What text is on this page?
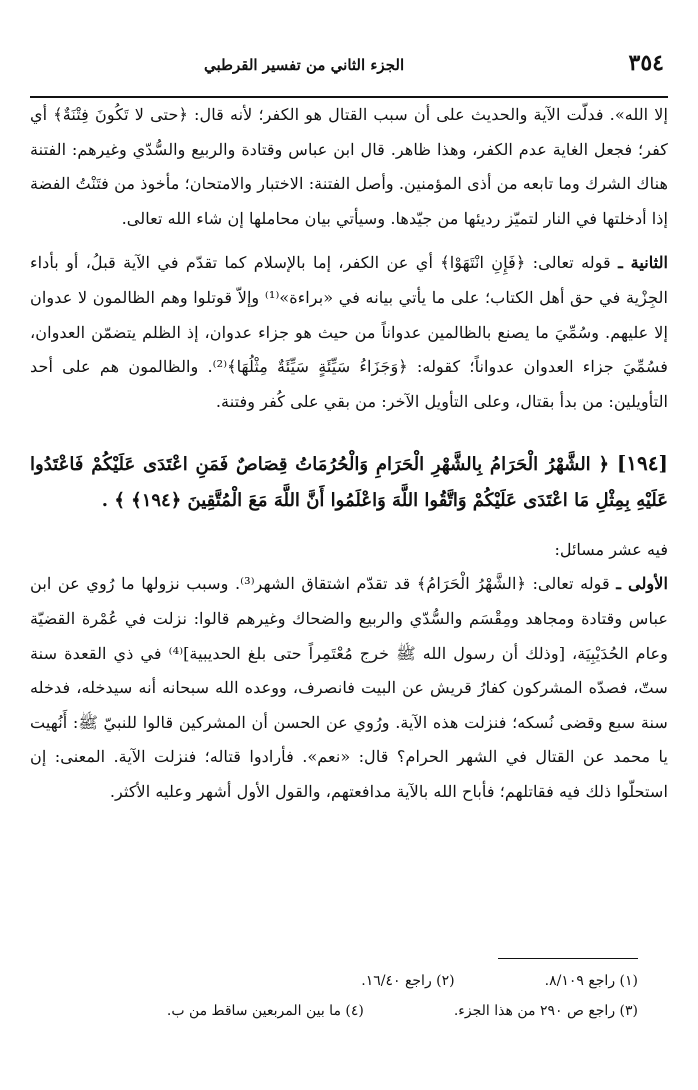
٣٥٤
الجزء الثاني من تفسير القرطبي

إلا الله». فدلّت الآية والحديث على أن سبب القتال هو الكفر؛ لأنه قال: ﴿حتى لا تَكُونَ فِتْنَةٌ﴾ أي كفر؛ فجعل الغاية عدم الكفر، وهذا ظاهر. قال ابن عباس وقتادة والربيع والسُّدّي وغيرهم: الفتنة هناك الشرك وما تابعه من أذى المؤمنين. وأصل الفتنة: الاختبار والامتحان؛ مأخوذ من فتَنْتُ الفضة إذا أدخلتها في النار لتميّز رديئها من جيّدها. وسيأتي بيان محاملها إن شاء الله تعالى.

الثانية ـ قوله تعالى: ﴿فَإِنِ انْتَهَوْا﴾ أي عن الكفر، إما بالإسلام كما تقدّم في الآية قبلُ، أو بأداء الجِزْية في حق أهل الكتاب؛ على ما يأتي بيانه في «براءة»⁽¹⁾ وإلاّ قوتلوا وهم الظالمون لا عدوان إلا عليهم. وسُمِّيَ ما يصنع بالظالمين عدواناً من حيث هو جزاء عدوان، إذ الظلم يتضمّن العدوان، فسُمِّيَ جزاء العدوان عدواناً؛ كقوله: ﴿وَجَزَاءُ سَيِّئَةٍ سَيِّئَةٌ مِثْلُهَا﴾⁽²⁾. والظالمون هم على أحد التأويلين: من بدأ بقتال، وعلى التأويل الآخر: من بقي على كُفر وفتنة.

[١٩٤] ﴿ الشَّهْرُ الْحَرَامُ بِالشَّهْرِ الْحَرَامِ وَالْحُرُمَاتُ قِصَاصٌ فَمَنِ اعْتَدَى عَلَيْكُمْ فَاعْتَدُوا عَلَيْهِ بِمِثْلِ مَا اعْتَدَى عَلَيْكُمْ وَاتَّقُوا اللَّهَ وَاعْلَمُوا أَنَّ اللَّهَ مَعَ الْمُتَّقِينَ ﴿١٩٤﴾ ﴾ .
فيه عشر مسائل:

الأولى ـ قوله تعالى: ﴿الشَّهْرُ الْحَرَامُ﴾ قد تقدّم اشتقاق الشهر⁽³⁾. وسبب نزولها ما رُوي عن ابن عباس وقتادة ومجاهد ومِقْسَم والسُّدّي والربيع والضحاك وغيرهم قالوا: نزلت في عُمْرة القضيّة وعام الحُدَيْبِيَة، [وذلك أن رسول الله ﷺ خرج مُعْتَمِراً حتى بلغ الحديبية]⁽⁴⁾ في ذي القعدة سنة ستّ، فصدّه المشركون كفارُ قريش عن البيت فانصرف، ووعده الله سبحانه أنه سيدخله، فدخله سنة سبع وقضى نُسكه؛ فنزلت هذه الآية. ورُوي عن الحسن أن المشركين قالوا للنبيّ ﷺ: أَنُهيت يا محمد عن القتال في الشهر الحرام؟ قال: «نعم». فأرادوا قتاله؛ فنزلت الآية. المعنى: إن استحلّوا ذلك فيه فقاتلهم؛ فأباح الله بالآية مدافعتهم، والقول الأول أشهر وعليه الأكثر.

(١) راجع ٨/١٠٩.
(٢) راجع ١٦/٤٠.
(٣) راجع ص ٢٩٠ من هذا الجزء.
(٤) ما بين المربعين ساقط من ب.
